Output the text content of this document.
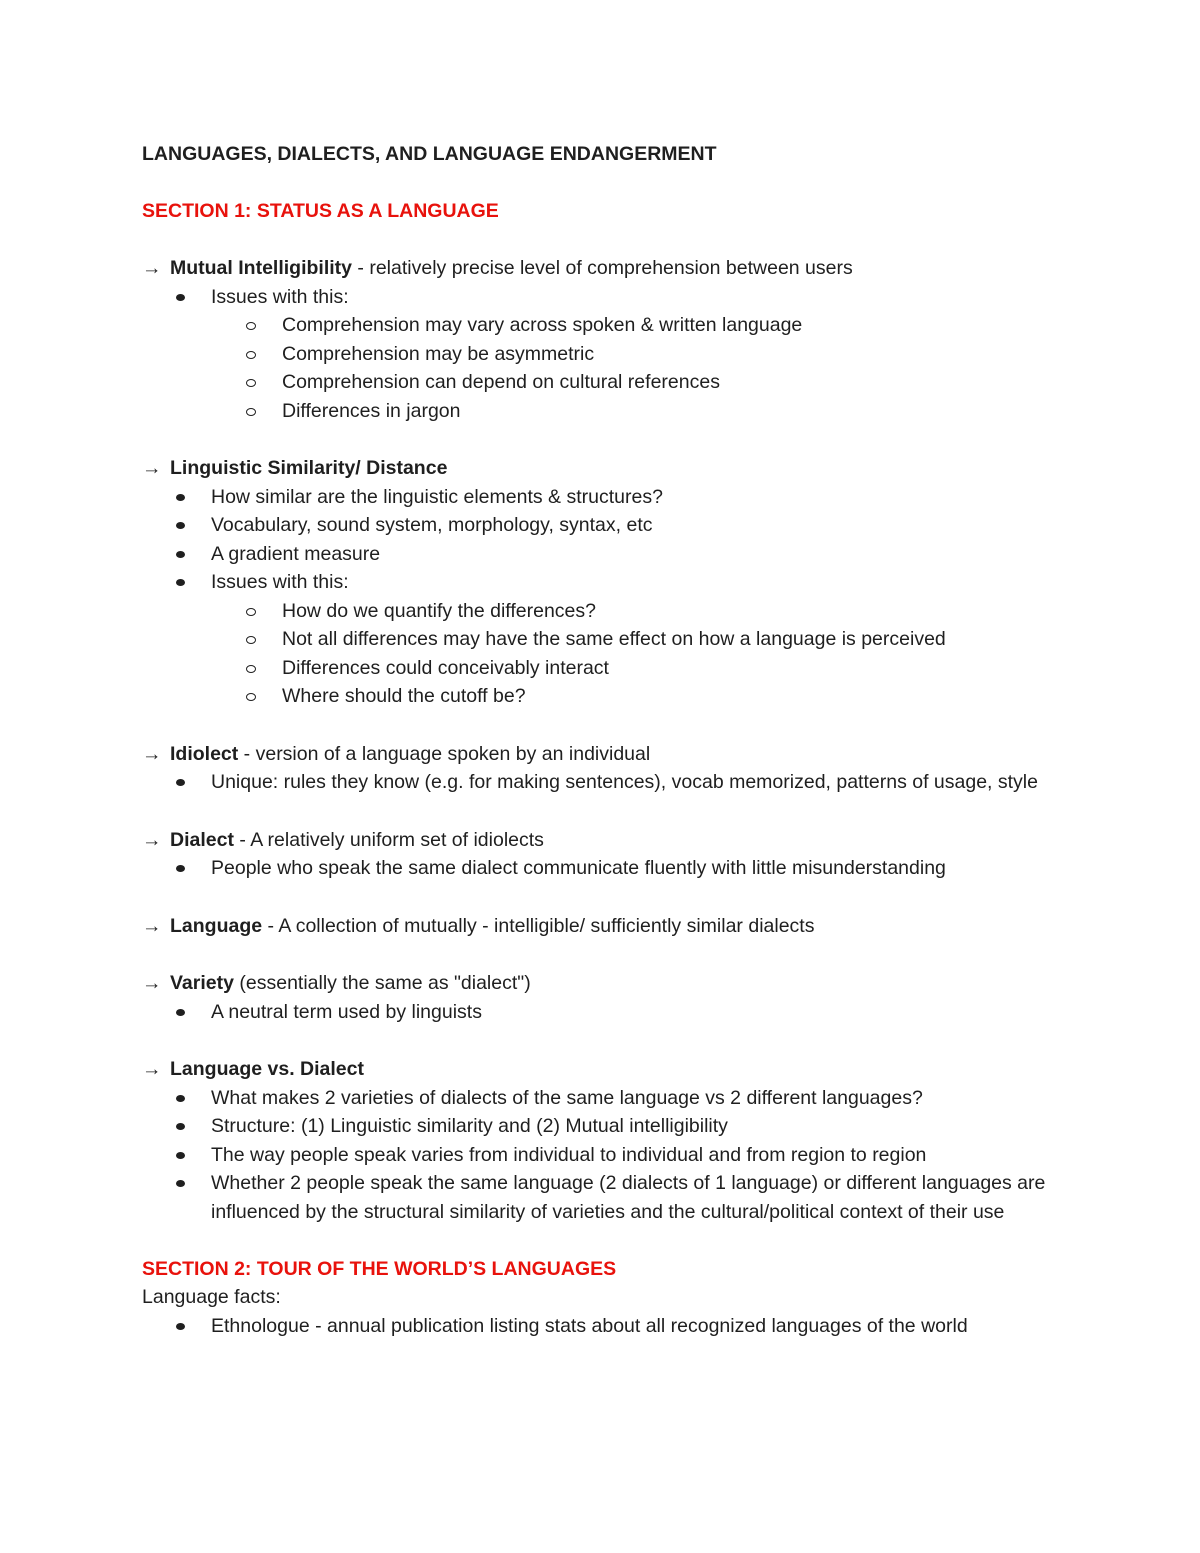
LANGUAGES, DIALECTS, AND LANGUAGE ENDANGERMENT
SECTION 1: STATUS AS A LANGUAGE
→ Mutual Intelligibility - relatively precise level of comprehension between users
Issues with this:
Comprehension may vary across spoken & written language
Comprehension may be asymmetric
Comprehension can depend on cultural references
Differences in jargon
→ Linguistic Similarity/ Distance
How similar are the linguistic elements & structures?
Vocabulary, sound system, morphology, syntax, etc
A gradient measure
Issues with this:
How do we quantify the differences?
Not all differences may have the same effect on how a language is perceived
Differences could conceivably interact
Where should the cutoff be?
→ Idiolect - version of a language spoken by an individual
Unique: rules they know (e.g. for making sentences), vocab memorized, patterns of usage, style
→ Dialect - A relatively uniform set of idiolects
People who speak the same dialect communicate fluently with little misunderstanding
→ Language - A collection of mutually - intelligible/ sufficiently similar dialects
→ Variety (essentially the same as "dialect")
A neutral term used by linguists
→ Language vs. Dialect
What makes 2 varieties of dialects of the same language vs 2 different languages?
Structure: (1) Linguistic similarity and (2) Mutual intelligibility
The way people speak varies from individual to individual and from region to region
Whether 2 people speak the same language (2 dialects of 1 language) or different languages are influenced by the structural similarity of varieties and the cultural/political context of their use
SECTION 2: TOUR OF THE WORLD’S LANGUAGES
Language facts:
Ethnologue - annual publication listing stats about all recognized languages of the world
